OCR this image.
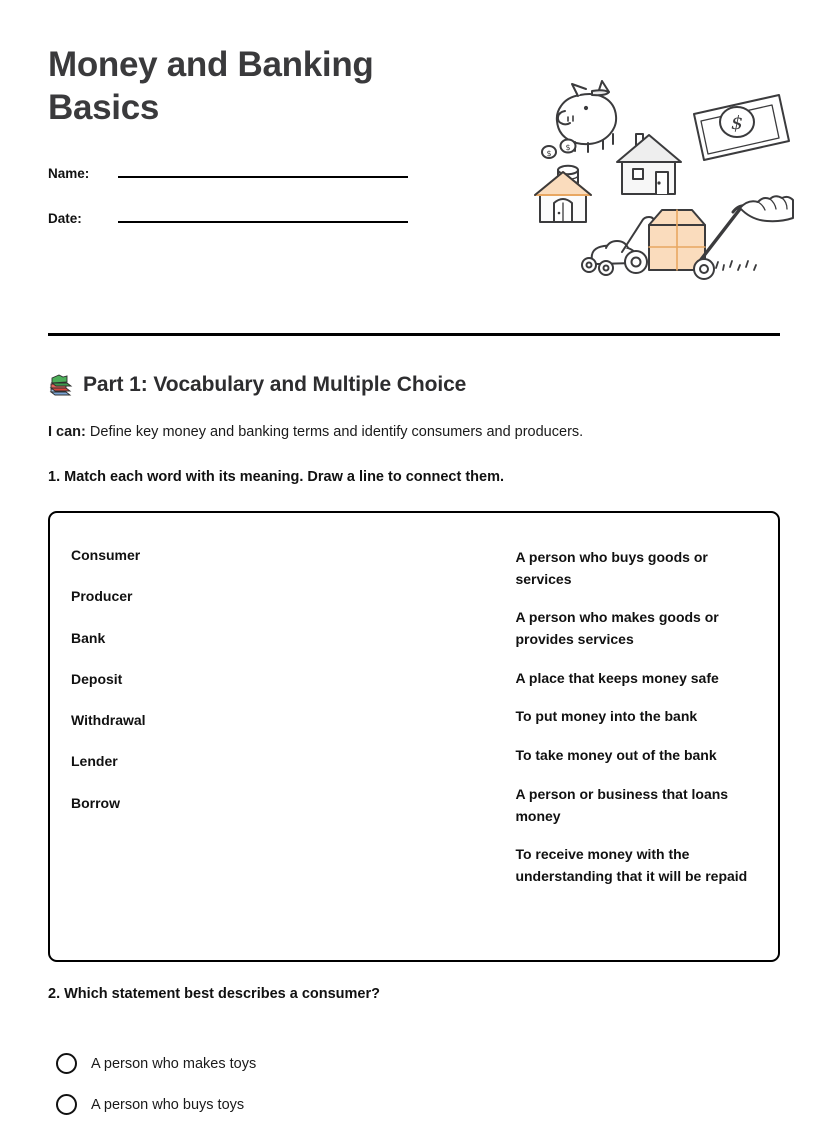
Money and Banking Basics
Name:
Date:
$
$
$
Part 1: Vocabulary and Multiple Choice
I can: Define key money and banking terms and identify consumers and producers.
1. Match each word with its meaning. Draw a line to connect them.
Consumer
Producer
Bank
Deposit
Withdrawal
Lender
Borrow
A person who buys goods or services
A person who makes goods or provides services
A place that keeps money safe
To put money into the bank
To take money out of the bank
A person or business that loans money
To receive money with the understanding that it will be repaid
2. Which statement best describes a consumer?
A person who makes toys
A person who buys toys
